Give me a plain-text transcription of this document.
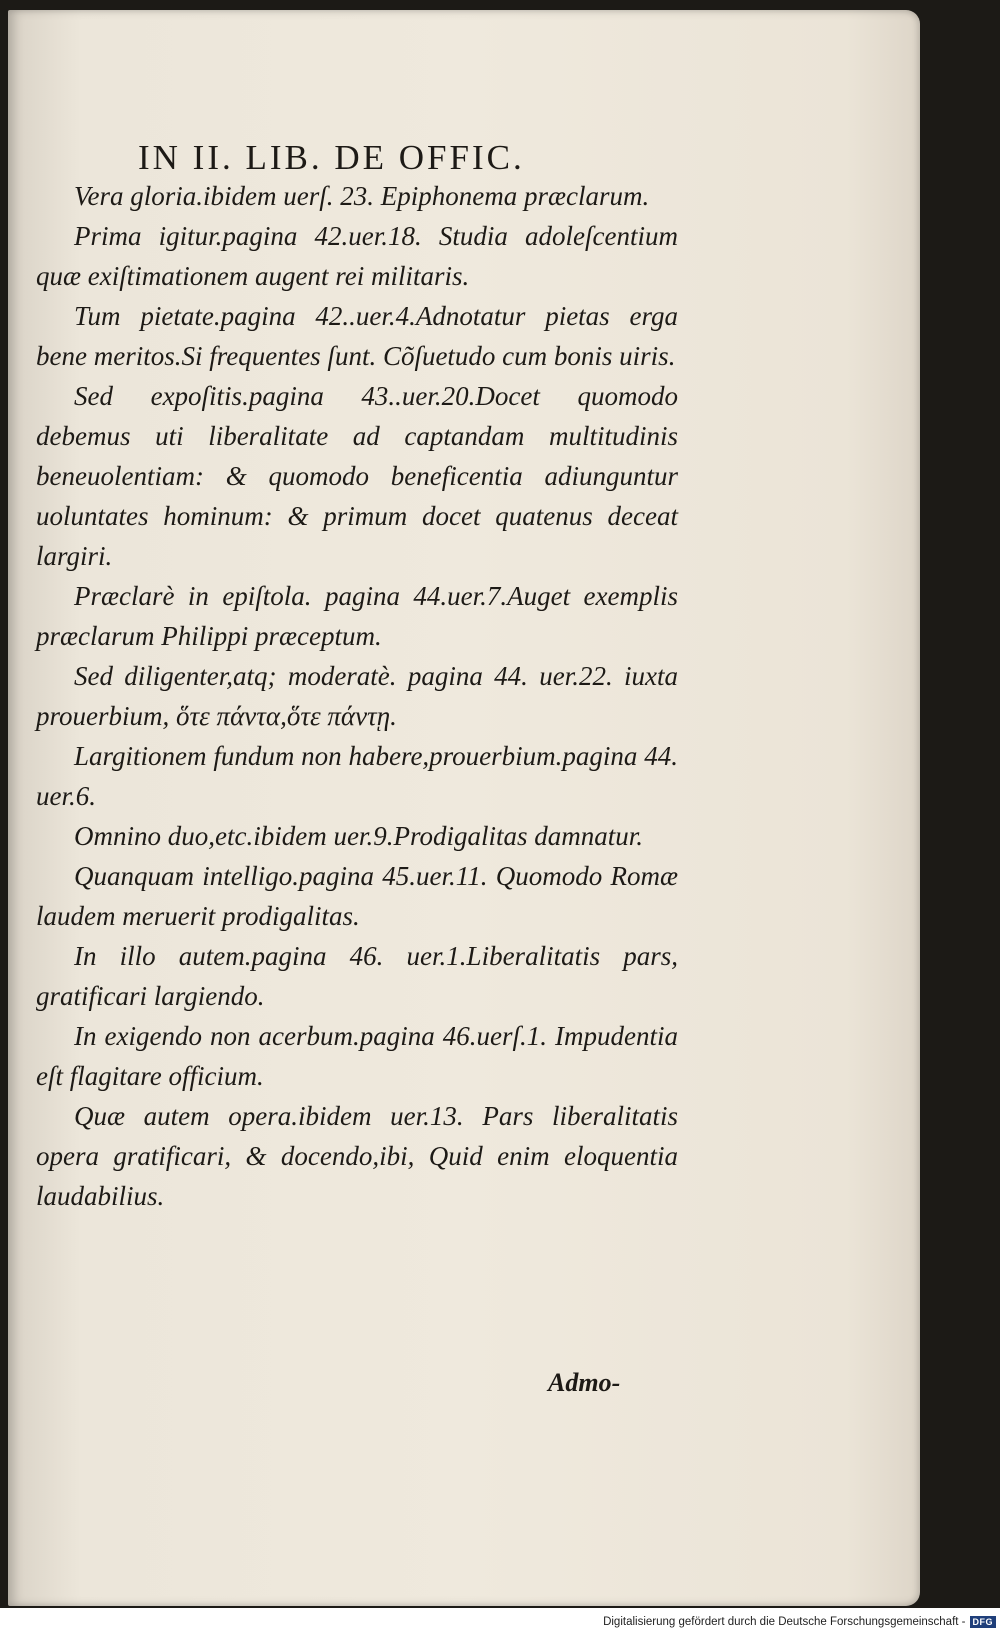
IN II. LIB. DE OFFIC.

Vera gloria.ibidem uerſ. 23. Epiphonema præclarum.

Prima igitur.pagina 42.uer.18. Studia adoleſcentium quæ exiſtimationem augent rei militaris.

Tum pietate.pagina 42..uer.4.Adnotatur pietas erga bene meritos.Si frequentes ſunt. Cõſuetudo cum bonis uiris.

Sed expoſitis.pagina 43..uer.20.Docet quomodo debemus uti liberalitate ad captandam multitudinis beneuolentiam: & quomodo beneficentia adiunguntur uoluntates hominum: & primum docet quatenus deceat largiri.

Præclarè in epiſtola. pagina 44.uer.7.Auget exemplis præclarum Philippi præceptum.

Sed diligenter,atq; moderatè. pagina 44. uer.22. iuxta prouerbium, ὅτε πάντα,ὅτε πάντῃ.

Largitionem fundum non habere,prouerbium.pagina 44. uer.6.

Omnino duo,etc.ibidem uer.9.Prodigalitas damnatur.

Quanquam intelligo.pagina 45.uer.11. Quomodo Romæ laudem meruerit prodigalitas.

In illo autem.pagina 46. uer.1.Liberalitatis pars, gratificari largiendo.

In exigendo non acerbum.pagina 46.uerſ.1. Impudentia eſt flagitare officium.

Quæ autem opera.ibidem uer.13. Pars liberalitatis opera gratificari, & docendo,ibi, Quid enim eloquentia laudabilius.

Admo-
Digitalisierung gefördert durch die Deutsche Forschungsgemeinschaft - DFG
